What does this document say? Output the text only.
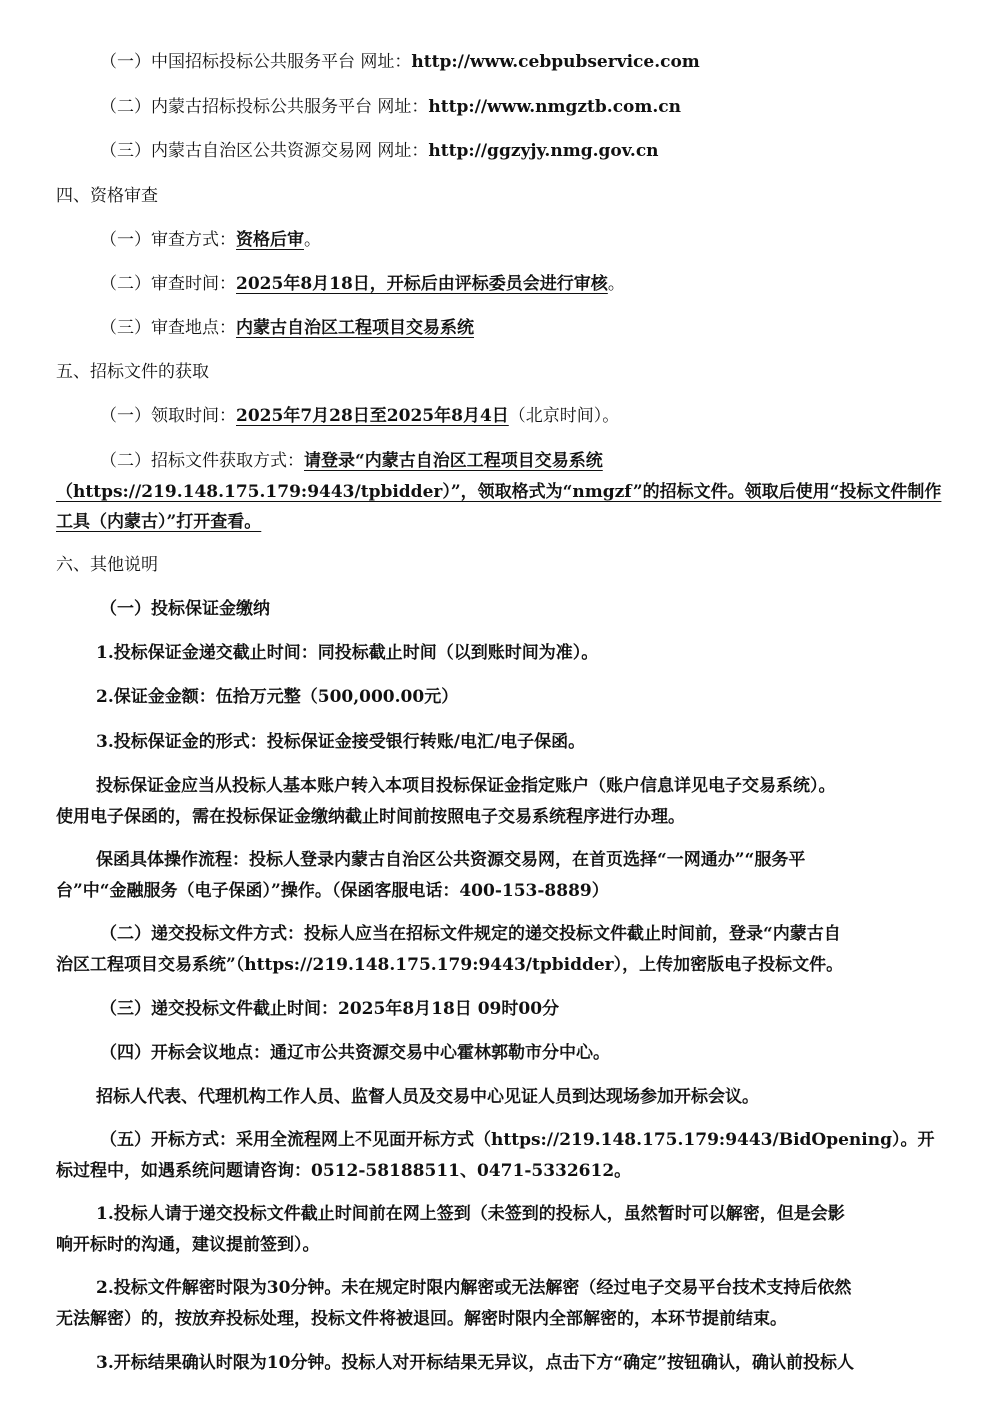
（一）中国招标投标公共服务平台 网址：http://www.cebpubservice.com

（二）内蒙古招标投标公共服务平台 网址：http://www.nmgztb.com.cn

（三）内蒙古自治区公共资源交易网 网址：http://ggzyjy.nmg.gov.cn

四、资格审查

（一）审查方式：资格后审。

（二）审查时间：2025年8月18日，开标后由评标委员会进行审核。

（三）审查地点：内蒙古自治区工程项目交易系统

五、招标文件的获取

（一）领取时间：2025年7月28日至2025年8月4日（北京时间）。

（二）招标文件获取方式：请登录“内蒙古自治区工程项目交易系统

（https://219.148.175.179:9443/tpbidder）”，领取格式为“nmgzf”的招标文件。领取后使用“投标文件制作

工具（内蒙古）”打开查看。

六、其他说明

（一）投标保证金缴纳

1.投标保证金递交截止时间：同投标截止时间（以到账时间为准）。

2.保证金金额：伍拾万元整（500,000.00元）

3.投标保证金的形式：投标保证金接受银行转账/电汇/电子保函。

投标保证金应当从投标人基本账户转入本项目投标保证金指定账户（账户信息详见电子交易系统）。

使用电子保函的，需在投标保证金缴纳截止时间前按照电子交易系统程序进行办理。

保函具体操作流程：投标人登录内蒙古自治区公共资源交易网，在首页选择“一网通办”“服务平

台”中“金融服务（电子保函）”操作。（保函客服电话：400-153-8889）

（二）递交投标文件方式：投标人应当在招标文件规定的递交投标文件截止时间前，登录“内蒙古自

治区工程项目交易系统”（https://219.148.175.179:9443/tpbidder），上传加密版电子投标文件。

（三）递交投标文件截止时间：2025年8月18日 09时00分

（四）开标会议地点：通辽市公共资源交易中心霍林郭勒市分中心。

招标人代表、代理机构工作人员、监督人员及交易中心见证人员到达现场参加开标会议。

（五）开标方式：采用全流程网上不见面开标方式（https://219.148.175.179:9443/BidOpening）。开

标过程中，如遇系统问题请咨询：0512-58188511、0471-5332612。

1.投标人请于递交投标文件截止时间前在网上签到（未签到的投标人，虽然暂时可以解密，但是会影

响开标时的沟通，建议提前签到）。

2.投标文件解密时限为30分钟。未在规定时限内解密或无法解密（经过电子交易平台技术支持后依然

无法解密）的，按放弃投标处理，投标文件将被退回。解密时限内全部解密的，本环节提前结束。

3.开标结果确认时限为10分钟。投标人对开标结果无异议，点击下方“确定”按钮确认，确认前投标人
